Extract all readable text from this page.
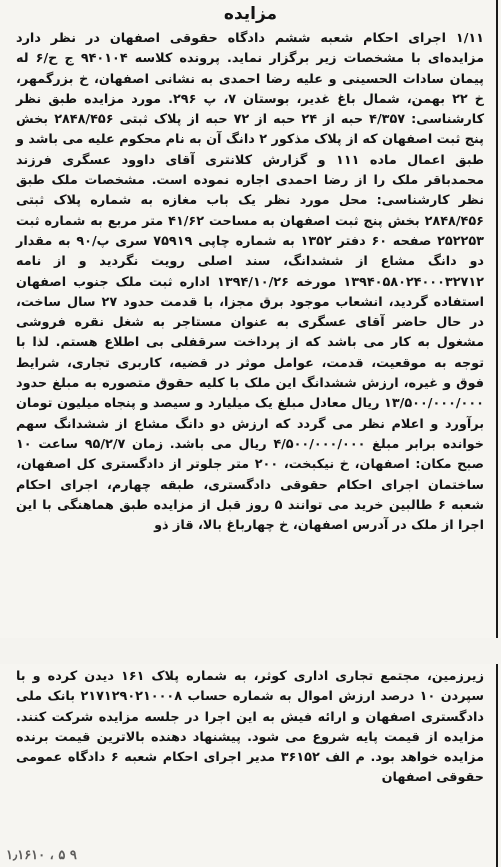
مزایده

۱/۱۱ اجرای احکام شعبه ششم دادگاه حقوقی اصفهان در نظر دارد مزایده‌ای با مشخصات زیر برگزار نماید. پرونده کلاسه ۹۴۰۱۰۴ ج ح/۶ له پیمان سادات الحسینی و علیه رضا احمدی به نشانی اصفهان، خ بزرگمهر، خ ۲۲ بهمن، شمال باغ غدیر، بوستان ۷، پ ۲۹۶. مورد مزایده طبق نظر کارشناسی: ۴/۳۵۷ حبه از ۲۴ حبه از ۷۲ حبه از پلاک ثبتی ۲۸۴۸/۴۵۶ بخش پنج ثبت اصفهان که از پلاک مذکور ۲ دانگ آن به نام محکوم علیه می باشد و طبق اعمال ماده ۱۱۱ و گزارش کلانتری آقای داوود عسگری فرزند محمدباقر ملک را از رضا احمدی اجاره نموده است. مشخصات ملک طبق نظر کارشناسی: محل مورد نظر یک باب مغازه به شماره پلاک ثبتی ۲۸۴۸/۴۵۶ بخش پنج ثبت اصفهان به مساحت ۴۱/۶۲ متر مربع به شماره ثبت ۲۵۲۲۵۳ صفحه ۶۰ دفتر ۱۳۵۲ به شماره چاپی ۷۵۹۱۹ سری پ/۹۰ به مقدار دو دانگ مشاع از ششدانگ، سند اصلی رویت نگردید و از نامه ۱۳۹۴۰۵۸۰۲۴۰۰۰۳۲۷۱۲ مورخه ۱۳۹۴/۱۰/۲۶ اداره ثبت ملک جنوب اصفهان استفاده گردید، انشعاب موجود برق مجزا، با قدمت حدود ۲۷ سال ساخت، در حال حاضر آقای عسگری به عنوان مستاجر به شغل نقره فروشی مشغول به کار می باشد که از پرداخت سرقفلی بی اطلاع هستم. لذا با توجه به موقعیت، قدمت، عوامل موثر در قضیه، کاربری تجاری، شرایط فوق و غیره، ارزش ششدانگ این ملک با کلیه حقوق متصوره به مبلغ حدود ۱۳/۵۰۰/۰۰۰/۰۰۰ ریال معادل مبلغ یک میلیارد و سیصد و پنجاه میلیون تومان برآورد و اعلام نظر می گردد که ارزش دو دانگ مشاع از ششدانگ سهم خوانده برابر مبلغ ۴/۵۰۰/۰۰۰/۰۰۰ ریال می باشد. زمان ۹۵/۲/۷ ساعت ۱۰ صبح مکان: اصفهان، خ نیکبخت، ۲۰۰ متر جلوتر از دادگستری کل اصفهان، ساختمان اجرای احکام حقوقی دادگستری، طبقه چهارم، اجرای احکام شعبه ۶ طالبین خرید می توانند ۵ روز قبل از مزایده طبق هماهنگی با این اجرا از ملک در آدرس اصفهان، خ چهارباغ بالا، قاز ذو

زیرزمین، مجتمع تجاری اداری کوثر، به شماره پلاک ۱۶۱ دیدن کرده و با سپردن ۱۰ درصد ارزش اموال به شماره حساب ۲۱۷۱۲۹۰۲۱۰۰۰۸ بانک ملی دادگستری اصفهان و ارائه فیش به این اجرا در جلسه مزایده شرکت کنند. مزایده از قیمت پایه شروع می شود. پیشنهاد دهنده بالاترین قیمت برنده مزایده خواهد بود. م الف ۳۶۱۵۲ مدیر اجرای احکام شعبه ۶ دادگاه عمومی حقوقی اصفهان

۱٫۱۶۱۰ ، ۵ ۹
